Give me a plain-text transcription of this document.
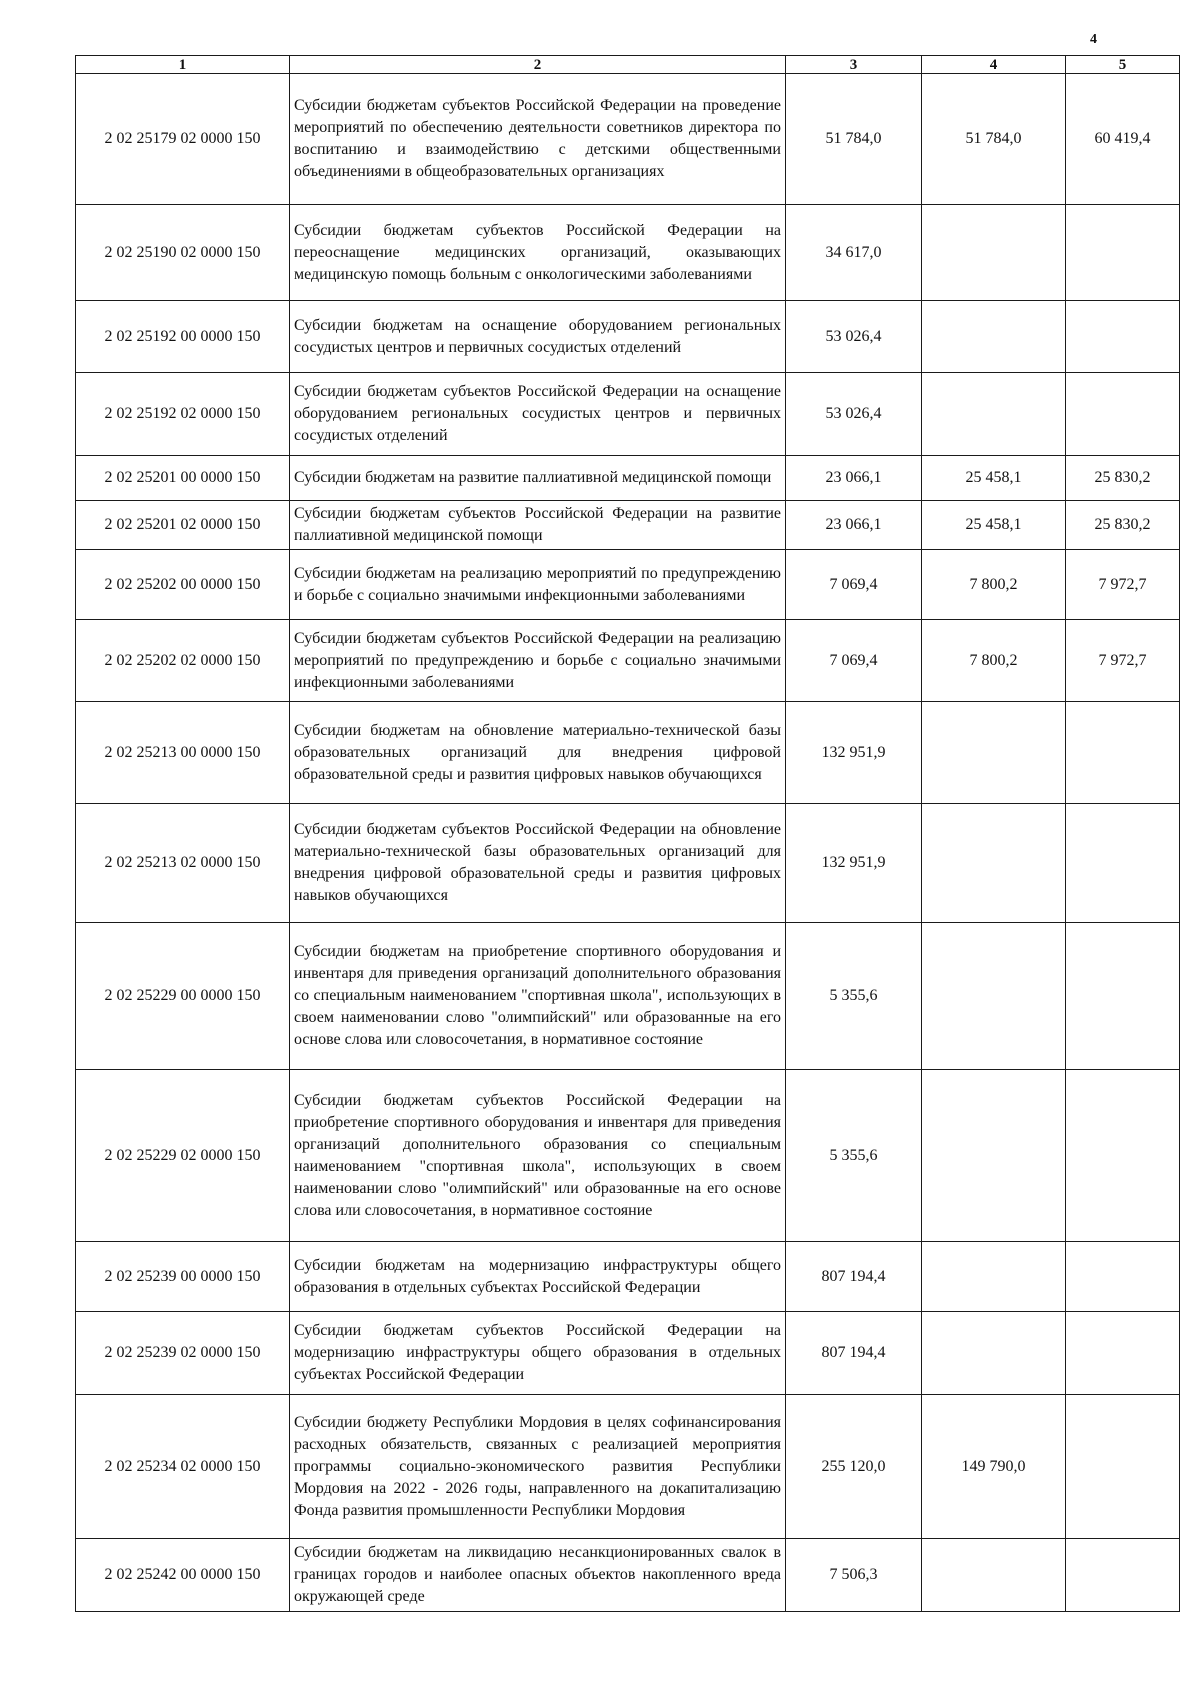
4
1	2	3	4	5
2 02 25179 02 0000 150	Субсидии бюджетам субъектов Российской Федерации на проведение мероприятий по обеспечению деятельности советников директора по воспитанию и взаимодействию с детскими общественными объединениями в общеобразовательных организациях	51 784,0	51 784,0	60 419,4
2 02 25190 02 0000 150	Субсидии бюджетам субъектов Российской Федерации на переоснащение медицинских организаций, оказывающих медицинскую помощь больным с онкологическими заболеваниями	34 617,0		
2 02 25192 00 0000 150	Субсидии бюджетам на оснащение оборудованием региональных сосудистых центров и первичных сосудистых отделений	53 026,4		
2 02 25192 02 0000 150	Субсидии бюджетам субъектов Российской Федерации на оснащение оборудованием региональных сосудистых центров и первичных сосудистых отделений	53 026,4		
2 02 25201 00 0000 150	Субсидии бюджетам на развитие паллиативной медицинской помощи	23 066,1	25 458,1	25 830,2
2 02 25201 02 0000 150	Субсидии бюджетам субъектов Российской Федерации на развитие паллиативной медицинской помощи	23 066,1	25 458,1	25 830,2
2 02 25202 00 0000 150	Субсидии бюджетам на реализацию мероприятий по предупреждению и борьбе с социально значимыми инфекционными заболеваниями	7 069,4	7 800,2	7 972,7
2 02 25202 02 0000 150	Субсидии бюджетам субъектов Российской Федерации на реализацию мероприятий по предупреждению и борьбе с социально значимыми инфекционными заболеваниями	7 069,4	7 800,2	7 972,7
2 02 25213 00 0000 150	Субсидии бюджетам на обновление материально-технической базы образовательных организаций для внедрения цифровой образовательной среды и развития цифровых навыков обучающихся	132 951,9		
2 02 25213 02 0000 150	Субсидии бюджетам субъектов Российской Федерации на обновление материально-технической базы образовательных организаций для внедрения цифровой образовательной среды и развития цифровых навыков обучающихся	132 951,9		
2 02 25229 00 0000 150	Субсидии бюджетам на приобретение спортивного оборудования и инвентаря для приведения организаций дополнительного образования со специальным наименованием "спортивная школа", использующих в своем наименовании слово "олимпийский" или образованные на его основе слова или словосочетания, в нормативное состояние	5 355,6		
2 02 25229 02 0000 150	Субсидии бюджетам субъектов Российской Федерации на приобретение спортивного оборудования и инвентаря для приведения организаций дополнительного образования со специальным наименованием "спортивная школа", использующих в своем наименовании слово "олимпийский" или образованные на его основе слова или словосочетания, в нормативное состояние	5 355,6		
2 02 25239 00 0000 150	Субсидии бюджетам на модернизацию инфраструктуры общего образования в отдельных субъектах Российской Федерации	807 194,4		
2 02 25239 02 0000 150	Субсидии бюджетам субъектов Российской Федерации на модернизацию инфраструктуры общего образования в отдельных субъектах Российской Федерации	807 194,4		
2 02 25234 02 0000 150	Субсидии бюджету Республики Мордовия в целях софинансирования расходных обязательств, связанных с реализацией мероприятия программы социально-экономического развития Республики Мордовия на 2022 - 2026 годы, направленного на докапитализацию Фонда развития промышленности Республики Мордовия	255 120,0	149 790,0	
2 02 25242 00 0000 150	Субсидии бюджетам на ликвидацию несанкционированных свалок в границах городов и наиболее опасных объектов накопленного вреда окружающей среде	7 506,3		
